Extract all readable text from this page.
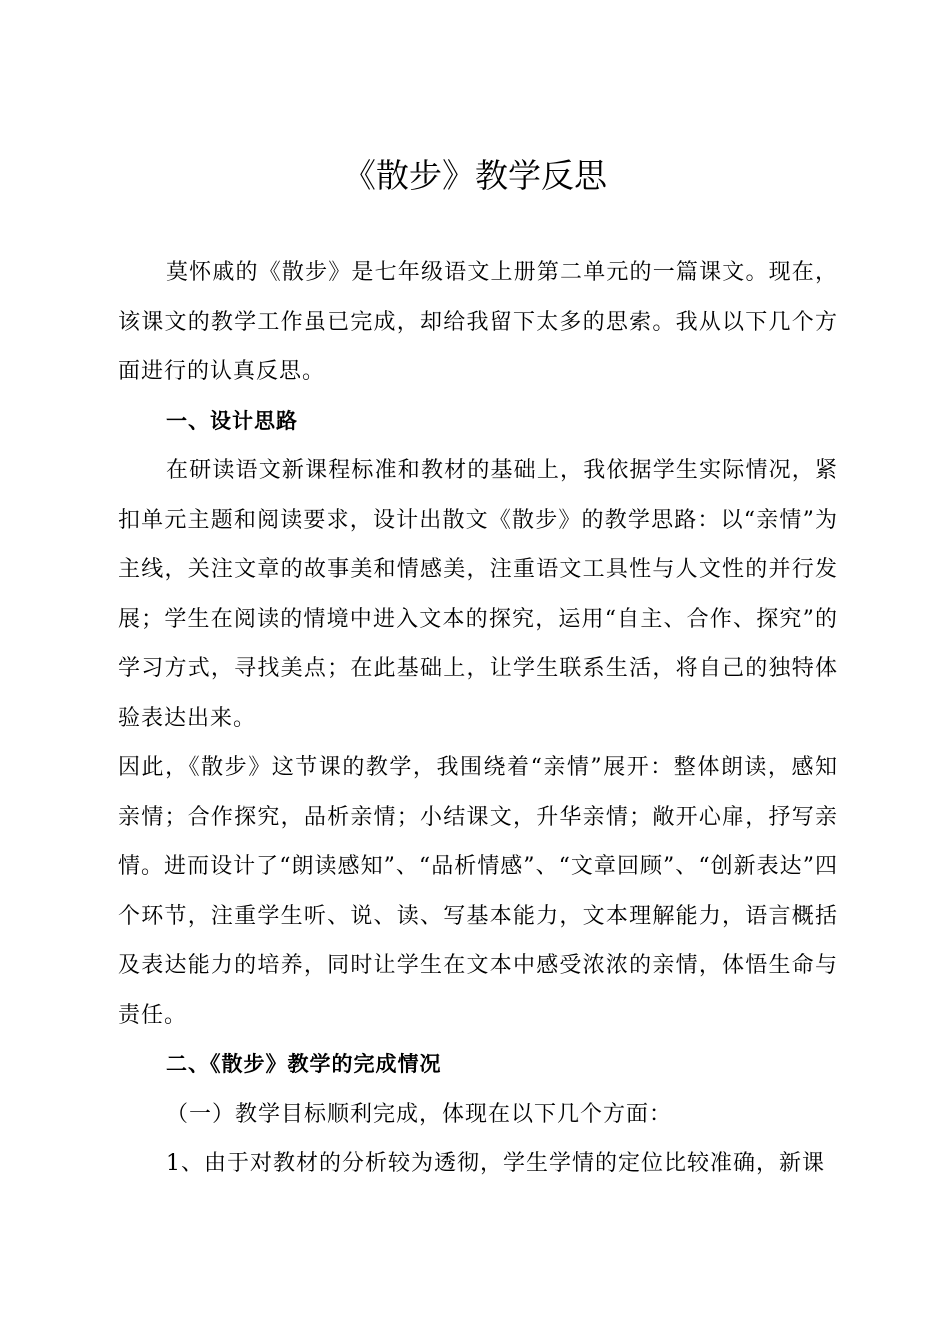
《散步》教学反思

莫怀戚的《散步》是七年级语文上册第二单元的一篇课文。现在，该课文的教学工作虽已完成，却给我留下太多的思索。我从以下几个方面进行的认真反思。

一、设计思路

在研读语文新课程标准和教材的基础上，我依据学生实际情况，紧扣单元主题和阅读要求，设计出散文《散步》的教学思路：以“亲情”为主线，关注文章的故事美和情感美，注重语文工具性与人文性的并行发展；学生在阅读的情境中进入文本的探究，运用“自主、合作、探究”的学习方式，寻找美点；在此基础上，让学生联系生活，将自己的独特体验表达出来。

因此，《散步》这节课的教学，我围绕着“亲情”展开：整体朗读，感知亲情；合作探究，品析亲情；小结课文，升华亲情；敞开心扉，抒写亲情。进而设计了“朗读感知”、“品析情感”、“文章回顾”、“创新表达”四个环节，注重学生听、说、读、写基本能力，文本理解能力，语言概括及表达能力的培养，同时让学生在文本中感受浓浓的亲情，体悟生命与责任。

二、《散步》教学的完成情况

（一）教学目标顺利完成，体现在以下几个方面：

1、由于对教材的分析较为透彻，学生学情的定位比较准确，新课
